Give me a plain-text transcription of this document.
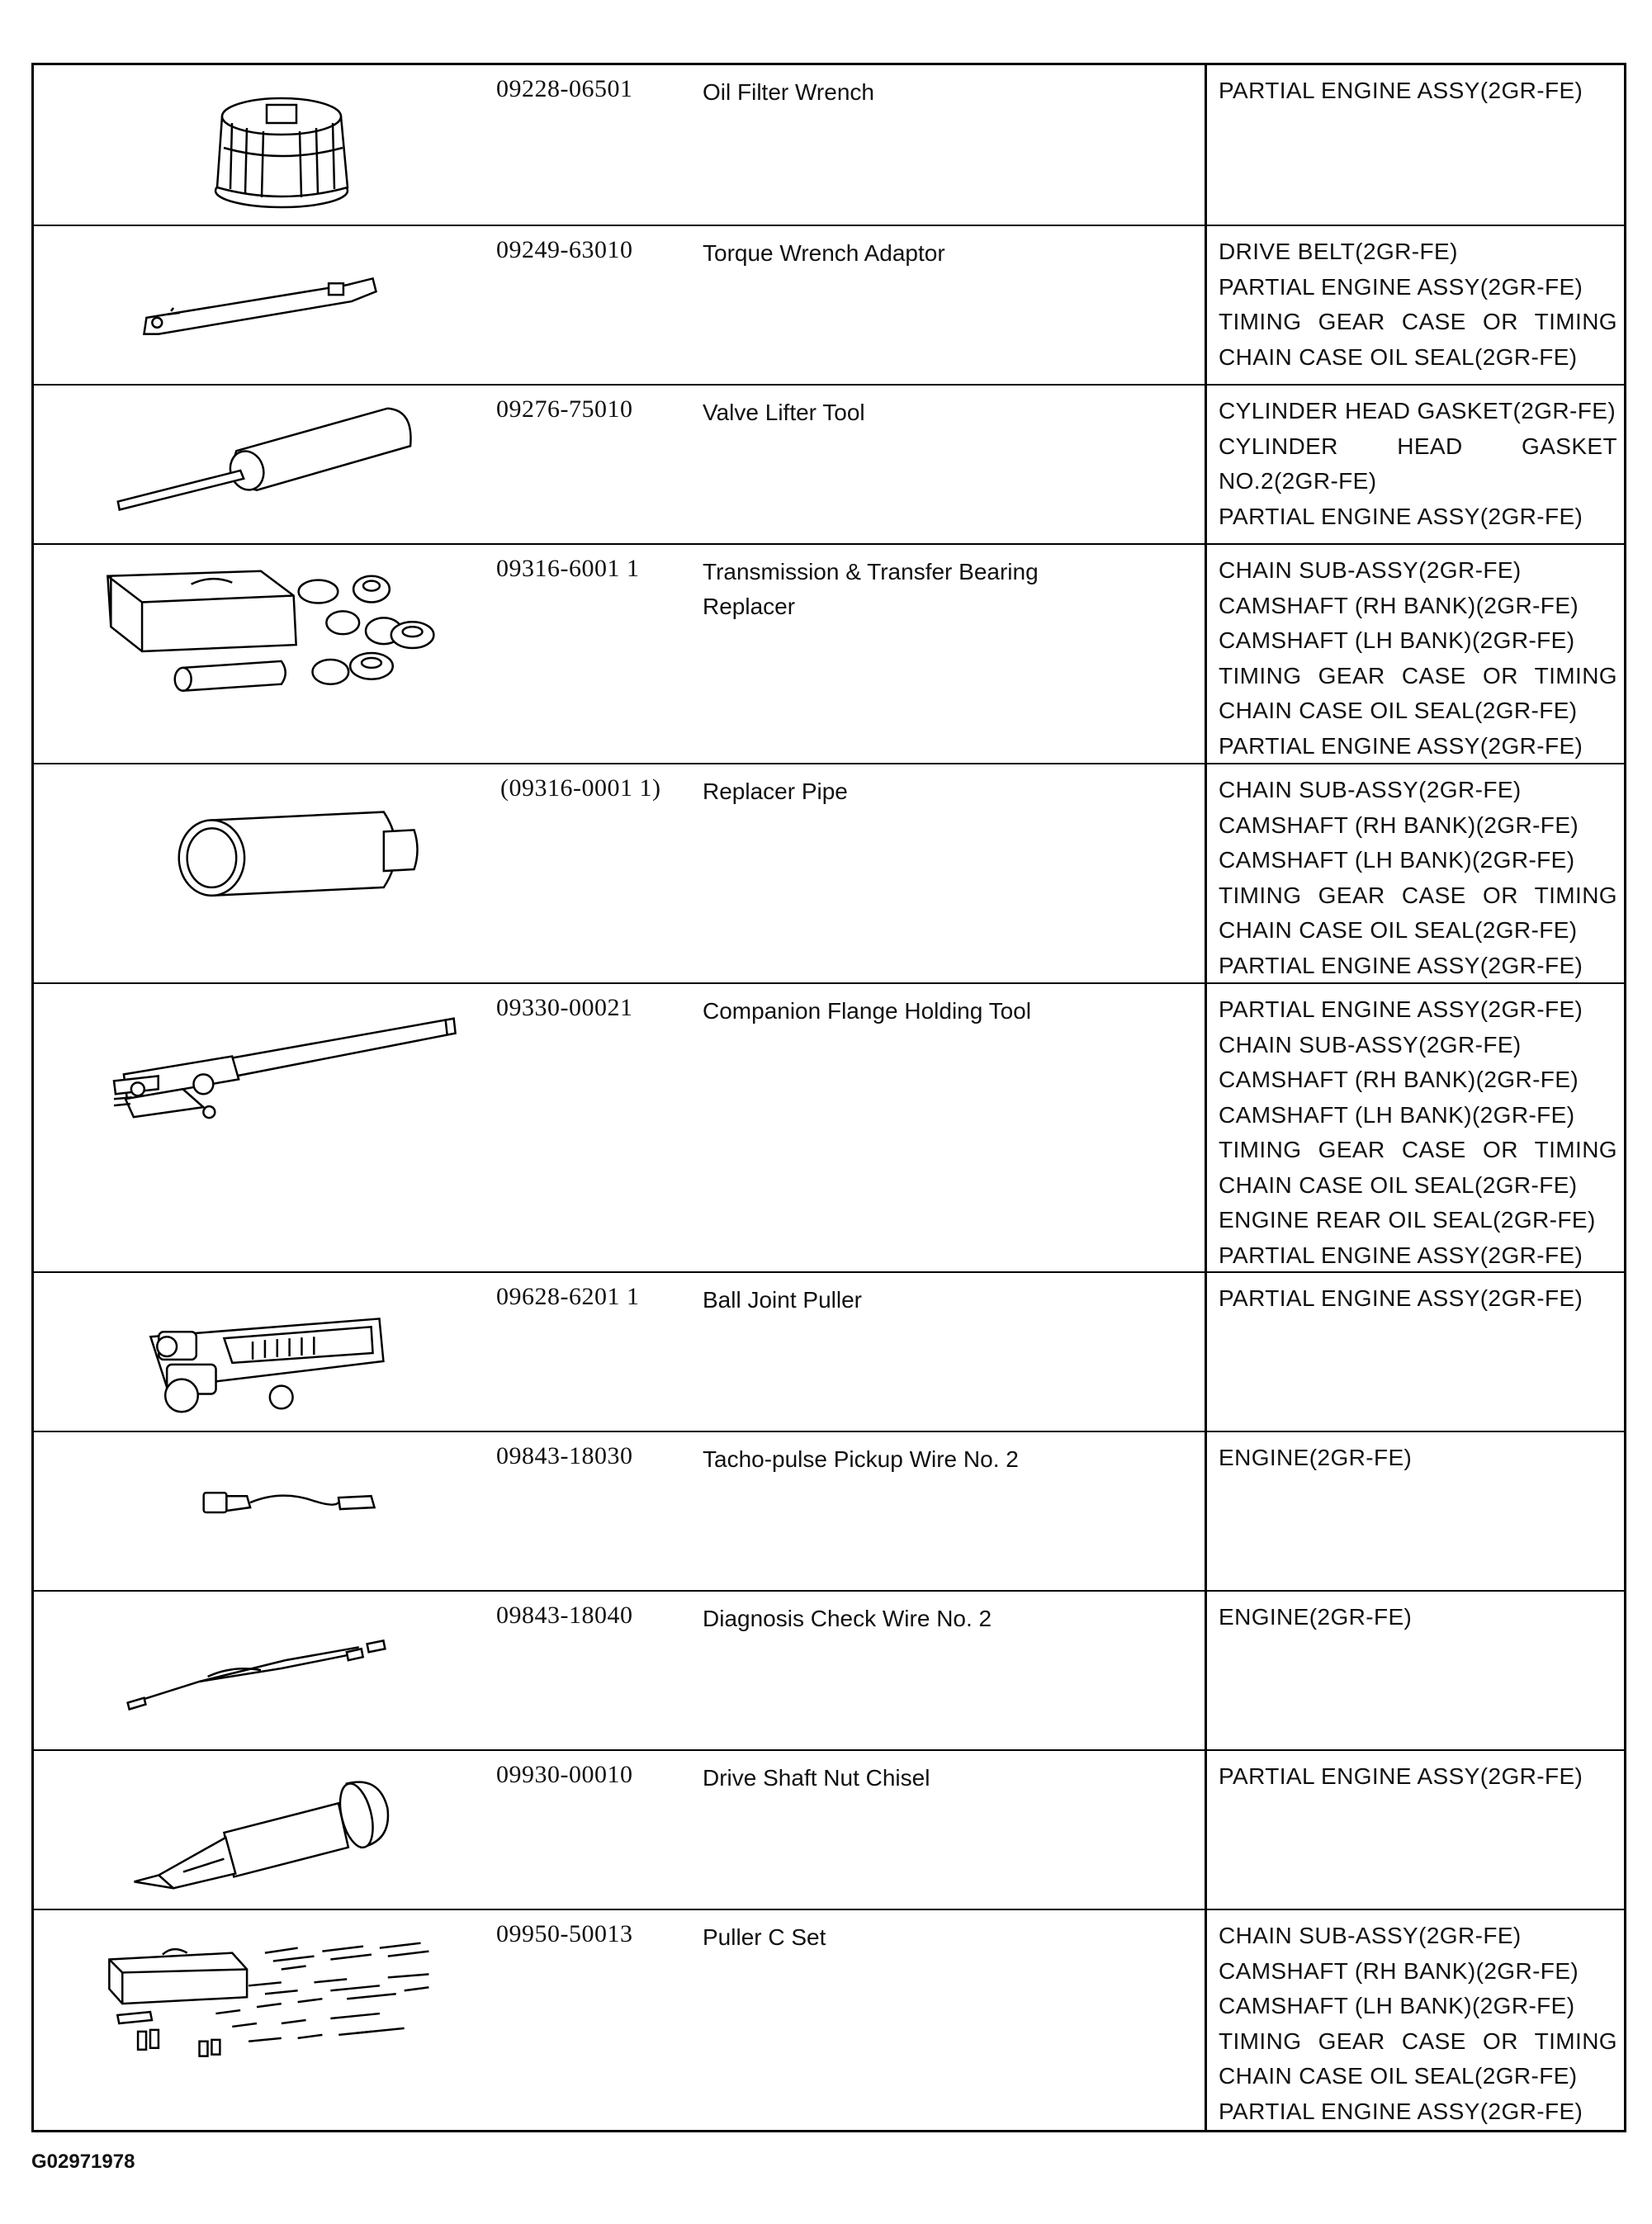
09228-06501	Oil Filter Wrench	PARTIAL ENGINE ASSY(2GR-FE)
09249-63010	Torque Wrench Adaptor	DRIVE BELT(2GR-FE)
PARTIAL ENGINE ASSY(2GR-FE)
TIMING GEAR CASE OR TIMING
CHAIN CASE OIL SEAL(2GR-FE)
09276-75010	Valve Lifter Tool	CYLINDER HEAD GASKET(2GR-FE)
CYLINDER HEAD GASKET
NO.2(2GR-FE)
PARTIAL ENGINE ASSY(2GR-FE)
09316-6001 1	Transmission & Transfer Bearing
Replacer
CHAIN SUB-ASSY(2GR-FE)
CAMSHAFT (RH BANK)(2GR-FE)
CAMSHAFT (LH BANK)(2GR-FE)
TIMING GEAR CASE OR TIMING
CHAIN CASE OIL SEAL(2GR-FE)
PARTIAL ENGINE ASSY(2GR-FE)
(09316-0001 1)	Replacer Pipe	CHAIN SUB-ASSY(2GR-FE)
CAMSHAFT (RH BANK)(2GR-FE)
CAMSHAFT (LH BANK)(2GR-FE)
TIMING GEAR CASE OR TIMING
CHAIN CASE OIL SEAL(2GR-FE)
PARTIAL ENGINE ASSY(2GR-FE)
09330-00021	Companion Flange Holding Tool	PARTIAL ENGINE ASSY(2GR-FE)
CHAIN SUB-ASSY(2GR-FE)
CAMSHAFT (RH BANK)(2GR-FE)
CAMSHAFT (LH BANK)(2GR-FE)
TIMING GEAR CASE OR TIMING
CHAIN CASE OIL SEAL(2GR-FE)
ENGINE REAR OIL SEAL(2GR-FE)
PARTIAL ENGINE ASSY(2GR-FE)
09628-6201 1	Ball Joint Puller	PARTIAL ENGINE ASSY(2GR-FE)
09843-18030	Tacho-pulse Pickup Wire No. 2	ENGINE(2GR-FE)
09843-18040	Diagnosis Check Wire No. 2	ENGINE(2GR-FE)
09930-00010	Drive Shaft Nut Chisel	PARTIAL ENGINE ASSY(2GR-FE)
09950-50013	Puller C Set	CHAIN SUB-ASSY(2GR-FE)
CAMSHAFT (RH BANK)(2GR-FE)
CAMSHAFT (LH BANK)(2GR-FE)
TIMING GEAR CASE OR TIMING
CHAIN CASE OIL SEAL(2GR-FE)
PARTIAL ENGINE ASSY(2GR-FE)
G02971978
